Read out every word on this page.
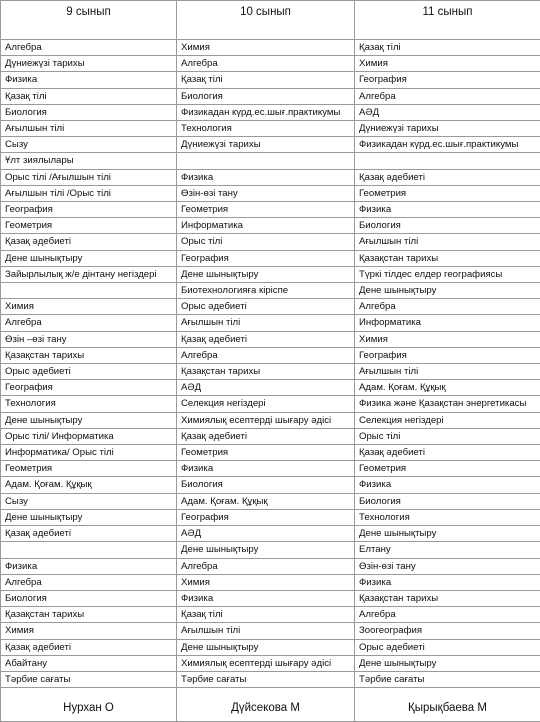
9 сынып	10 сынып	11 сынып
Алгебра	Химия	Қазақ тілі
Дүниежүзі тарихы	Алгебра	Химия
Физика	Қазақ тілі	География
Қазақ тілі	Биология	Алгебра
Биология	Физикадан күрд.ес.шығ.практикумы	АӘД
Ағылшын тілі	Технология	Дүниежүзі тарихы
Сызу	Дүниежүзі тарихы	Физикадан күрд.ес.шығ.практикумы
Ұлт зиялылары		
Орыс тілі /Ағылшын тілі	Физика	Қазақ әдебиеті
Ағылшын тілі /Орыс тілі	Өзін-өзі тану	Геометрия
География	Геометрия	Физика
Геометрия	Информатика	Биология
Қазақ әдебиеті	Орыс тілі	Ағылшын тілі
Дене шынықтыру	География	Қазақстан тарихы
Зайырлылық ж/е дінтану негіздері	Дене шынықтыру	Түркі тілдес елдер географиясы
	Биотехнологияға кіріспе	Дене шынықтыру
Химия	Орыс әдебиеті	Алгебра
Алгебра	Ағылшын тілі	Информатика
Өзін –өзі тану	Қазақ әдебиеті	Химия
Қазақстан тарихы	Алгебра	География
Орыс әдебиеті	Қазақстан тарихы	Ағылшын тілі
География	АӘД	Адам. Қоғам. Құқық
Технология	Селекция негіздері	Физика және Қазақстан энергетикасы
Дене шынықтыру	Химиялық есептерді шығару әдісі	Селекция негіздері
Орыс тілі/ Информатика	Қазақ әдебиеті	Орыс тілі
Информатика/ Орыс тілі	Геометрия	Қазақ әдебиеті
Геометрия	Физика	Геометрия
Адам. Қоғам. Құқық	Биология	Физика
Сызу	Адам. Қоғам. Құқық	Биология
Дене шынықтыру	География	Технология
Қазақ әдебиеті	АӘД	Дене шынықтыру
	Дене шынықтыру	Елтану
Физика	Алгебра	Өзін-өзі тану
Алгебра	Химия	Физика
Биология	Физика	Қазақстан тарихы
Қазақстан тарихы	Қазақ тілі	Алгебра
Химия	Ағылшын тілі	Зоогеография
Қазақ әдебиеті	Дене шынықтыру	Орыс әдебиеті
Абайтану	Химиялық есептерді шығару әдісі	Дене шынықтыру
Тәрбие сағаты	Тәрбие сағаты	Тәрбие сағаты
Нурхан О	Дүйсекова М	Қырықбаева М
